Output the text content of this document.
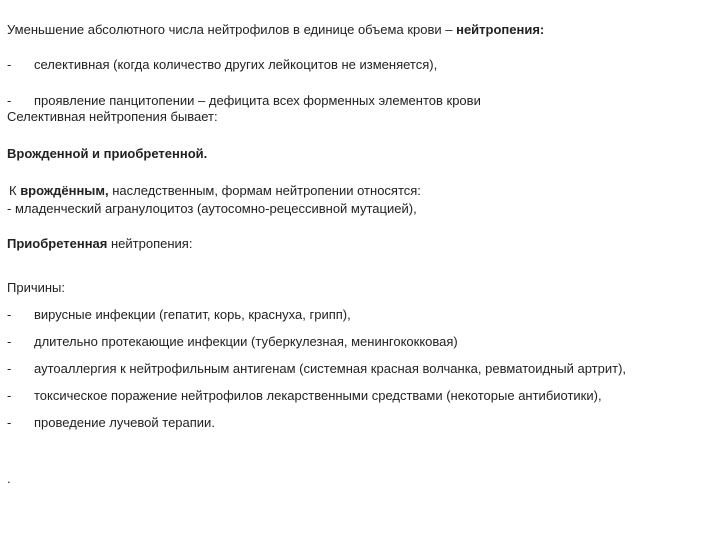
Уменьшение абсолютного числа нейтрофилов в единице объема крови – нейтропения:
-	селективная (когда количество других лейкоцитов не изменяется),
-	проявление панцитопении – дефицита всех форменных элементов крови
Селективная нейтропения бывает:
Врожденной и приобретенной.
К врождённым, наследственным, формам нейтропении относятся:
- младенческий агранулоцитоз (аутосомно-рецессивной мутацией),
Приобретенная нейтропения:
Причины:
-	вирусные инфекции (гепатит, корь, краснуха, грипп),
-	длительно протекающие инфекции (туберкулезная, менингококковая)
-	аутоаллергия к нейтрофильным антигенам (системная красная волчанка, ревматоидный артрит),
-	токсическое поражение нейтрофилов лекарственными средствами (некоторые антибиотики),
-	проведение лучевой терапии.
.
